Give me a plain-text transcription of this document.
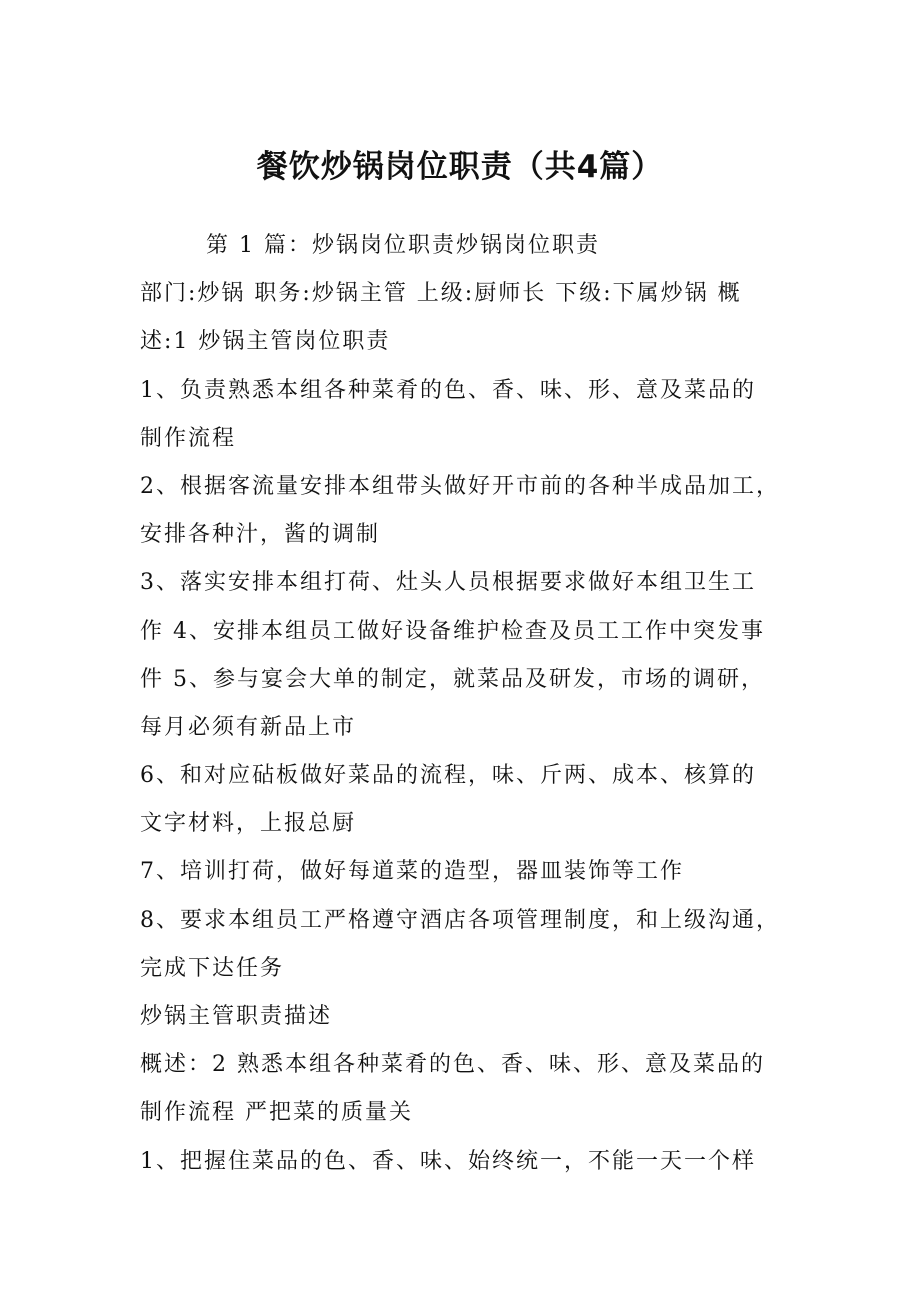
餐饮炒锅岗位职责（共4篇）
第 1 篇：炒锅岗位职责炒锅岗位职责
部门:炒锅 职务:炒锅主管 上级:厨师长 下级:下属炒锅 概
述:1 炒锅主管岗位职责
1、负责熟悉本组各种菜肴的色、香、味、形、意及菜品的
制作流程
2、根据客流量安排本组带头做好开市前的各种半成品加工，
安排各种汁，酱的调制
3、落实安排本组打荷、灶头人员根据要求做好本组卫生工
作 4、安排本组员工做好设备维护检查及员工工作中突发事
件 5、参与宴会大单的制定，就菜品及研发，市场的调研，
每月必须有新品上市
6、和对应砧板做好菜品的流程，味、斤两、成本、核算的
文字材料，上报总厨
7、培训打荷，做好每道菜的造型，器皿装饰等工作
8、要求本组员工严格遵守酒店各项管理制度，和上级沟通，
完成下达任务
炒锅主管职责描述
概述：2 熟悉本组各种菜肴的色、香、味、形、意及菜品的
制作流程 严把菜的质量关
1、把握住菜品的色、香、味、始终统一，不能一天一个样
